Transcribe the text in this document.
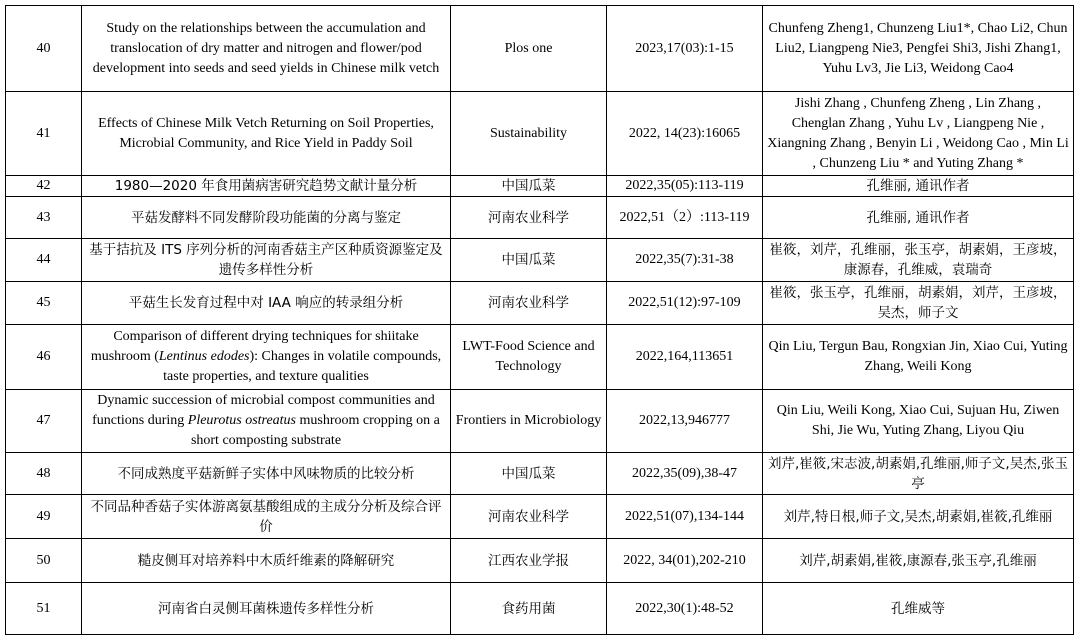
40	Study on the relationships between the accumulation and translocation of dry matter and nitrogen and flower/pod development into seeds and seed yields in Chinese milk vetch	Plos one	2023,17(03):1-15	Chunfeng Zheng1, Chunzeng Liu1*, Chao Li2, Chun Liu2, Liangpeng Nie3, Pengfei Shi3, Jishi Zhang1, Yuhu Lv3, Jie Li3, Weidong Cao4
41	Effects of Chinese Milk Vetch Returning on Soil Properties, Microbial Community, and Rice Yield in Paddy Soil	Sustainability	2022, 14(23):16065	Jishi Zhang , Chunfeng Zheng , Lin Zhang , Chenglan Zhang , Yuhu Lv , Liangpeng Nie , Xiangning Zhang , Benyin Li , Weidong Cao , Min Li , Chunzeng Liu * and Yuting Zhang *
42	1980—2020 年食用菌病害研究趋势文献计量分析	中国瓜菜	2022,35(05):113-119	孔维丽, 通讯作者
43	平菇发酵料不同发酵阶段功能菌的分离与鉴定	河南农业科学	2022,51（2）:113-119	孔维丽, 通讯作者
44	基于拮抗及 ITS 序列分析的河南香菇主产区种质资源鉴定及遗传多样性分析	中国瓜菜	2022,35(7):31-38	崔筱，刘芹，孔维丽，张玉亭，胡素娟，王彦坡，康源春，孔维威，袁瑞奇
45	平菇生长发育过程中对 IAA 响应的转录组分析	河南农业科学	2022,51(12):97-109	崔筱，张玉亭，孔维丽，胡素娟，刘芹，王彦坡，吴杰，师子文
46	Comparison of different drying techniques for shiitake mushroom (Lentinus edodes): Changes in volatile compounds, taste properties, and texture qualities	LWT-Food Science and Technology	2022,164,113651	Qin Liu, Tergun Bau, Rongxian Jin, Xiao Cui, Yuting Zhang, Weili Kong
47	Dynamic succession of microbial compost communities and functions during Pleurotus ostreatus mushroom cropping on a short composting substrate	Frontiers in Microbiology	2022,13,946777	Qin Liu, Weili Kong, Xiao Cui, Sujuan Hu, Ziwen Shi, Jie Wu, Yuting Zhang, Liyou Qiu
48	不同成熟度平菇新鲜子实体中风味物质的比较分析	中国瓜菜	2022,35(09),38-47	刘芹,崔筱,宋志波,胡素娟,孔维丽,师子文,吴杰,张玉亭
49	不同品种香菇子实体游离氨基酸组成的主成分分析及综合评价	河南农业科学	2022,51(07),134-144	刘芹,特日根,师子文,吴杰,胡素娟,崔筱,孔维丽
50	糙皮侧耳对培养料中木质纤维素的降解研究	江西农业学报	2022, 34(01),202-210	刘芹,胡素娟,崔筱,康源春,张玉亭,孔维丽
51	河南省白灵侧耳菌株遗传多样性分析	食药用菌	2022,30(1):48-52	孔维威等
